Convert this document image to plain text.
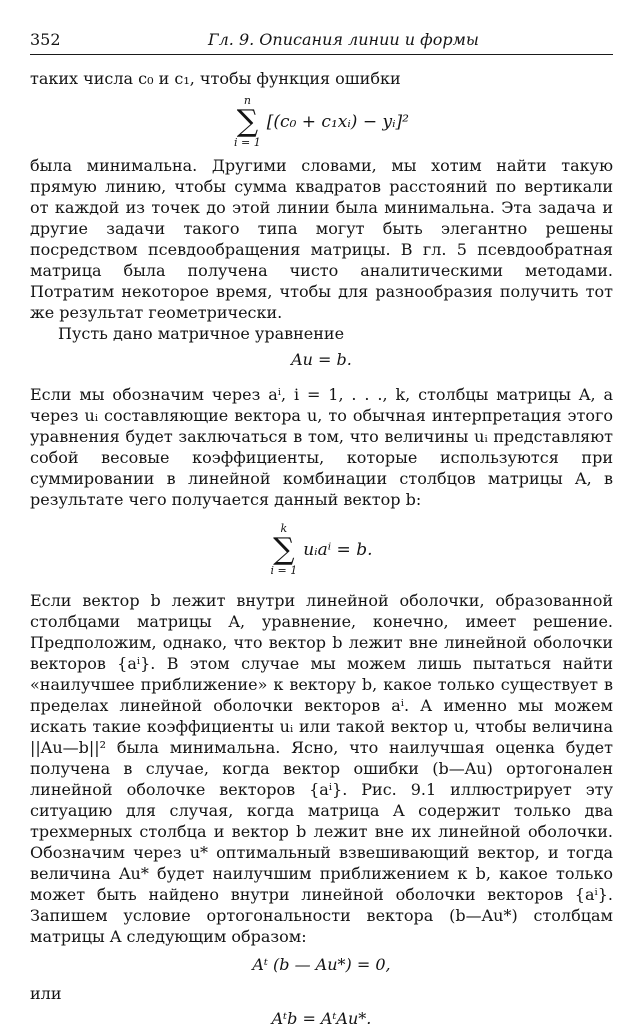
352	Гл. 9. Описания линии и формы

таких числа c₀ и c₁, чтобы функция ошибки

n
∑
i = 1
[(c₀ + c₁xᵢ) − yᵢ]²

была минимальна. Другими словами, мы хотим найти такую прямую линию, чтобы сумма квадратов расстояний по вертикали от каждой из точек до этой линии была минимальна. Эта задача и другие задачи такого типа могут быть элегантно решены посредством псевдообращения матрицы. В гл. 5 псевдообратная матрица была получена чисто аналитическими методами. Потратим некоторое время, чтобы для разнообразия получить тот же результат геометрически.

Пусть дано матричное уравнение

Au = b.

Если мы обозначим через aⁱ, i = 1, . . ., k, столбцы матрицы A, а через uᵢ составляющие вектора u, то обычная интерпретация этого уравнения будет заключаться в том, что величины uᵢ представляют собой весовые коэффициенты, которые используются при суммировании в линейной комбинации столбцов матрицы A, в результате чего получается данный вектор b:

k
∑
i = 1
uᵢaⁱ = b.

Если вектор b лежит внутри линейной оболочки, образованной столбцами матрицы A, уравнение, конечно, имеет решение. Предположим, однако, что вектор b лежит вне линейной оболочки векторов {aⁱ}. В этом случае мы можем лишь пытаться найти «наилучшее приближение» к вектору b, какое только существует в пределах линейной оболочки векторов aⁱ. А именно мы можем искать такие коэффициенты uᵢ или такой вектор u, чтобы величина ||Au—b||² была минимальна. Ясно, что наилучшая оценка будет получена в случае, когда вектор ошибки (b—Au) ортогонален линейной оболочке векторов {aⁱ}. Рис. 9.1 иллюстрирует эту ситуацию для случая, когда матрица A содержит только два трехмерных столбца и вектор b лежит вне их линейной оболочки. Обозначим через u* оптимальный взвешивающий вектор, и тогда величина Au* будет наилучшим приближением к b, какое только может быть найдено внутри линейной оболочки векторов {aⁱ}. Запишем условие ортогональности вектора (b—Au*) столбцам матрицы A следующим образом:

Aᵗ (b — Au*) = 0,

или

Aᵗb = AᵗAu*.
